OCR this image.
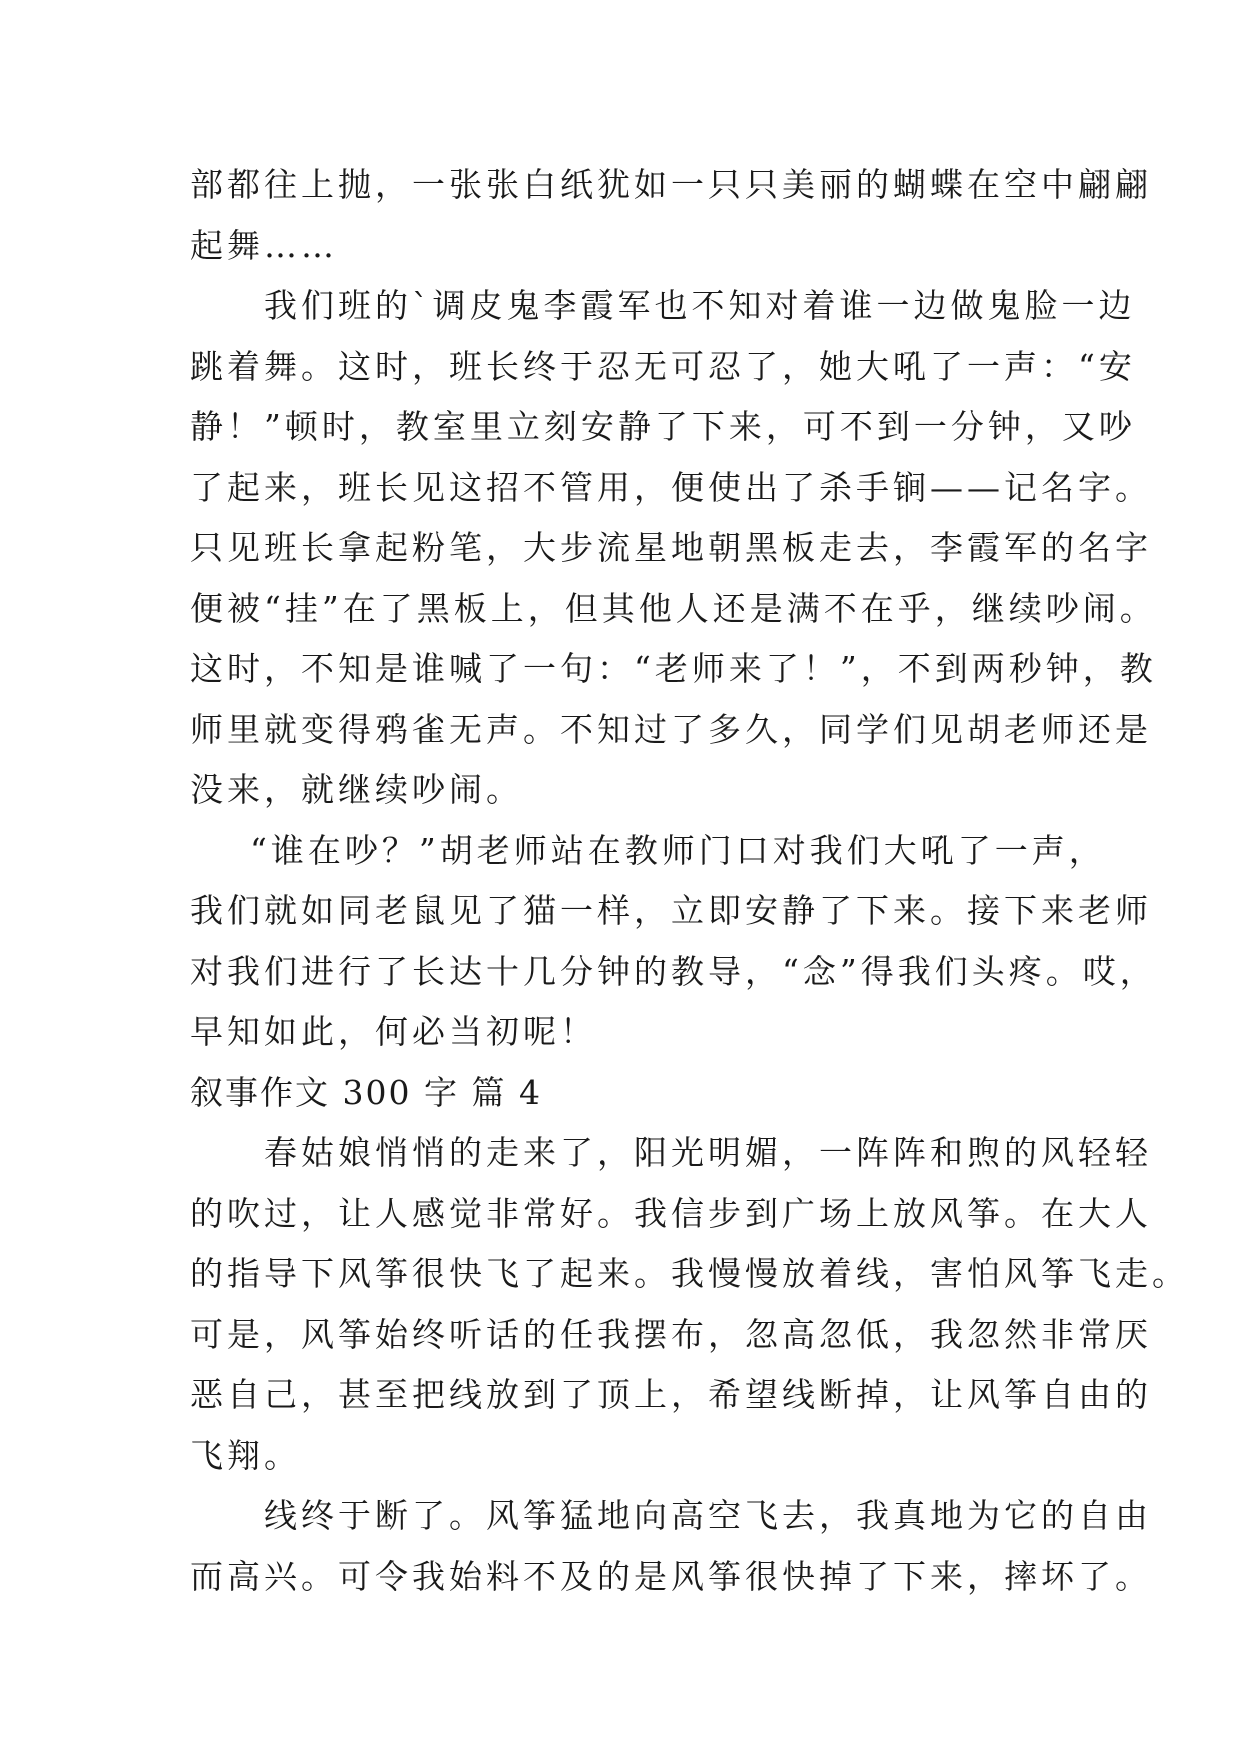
部都往上抛，一张张白纸犹如一只只美丽的蝴蝶在空中翩翩
起舞……
我们班的`调皮鬼李霞军也不知对着谁一边做鬼脸一边
跳着舞。这时，班长终于忍无可忍了，她大吼了一声：“安
静！”顿时，教室里立刻安静了下来，可不到一分钟，又吵
了起来，班长见这招不管用，便使出了杀手锏——记名字。
只见班长拿起粉笔，大步流星地朝黑板走去，李霞军的名字
便被“挂”在了黑板上，但其他人还是满不在乎，继续吵闹。
这时，不知是谁喊了一句：“老师来了！”，不到两秒钟，教
师里就变得鸦雀无声。不知过了多久，同学们见胡老师还是
没来，就继续吵闹。
“谁在吵？”胡老师站在教师门口对我们大吼了一声，
我们就如同老鼠见了猫一样，立即安静了下来。接下来老师
对我们进行了长达十几分钟的教导，“念”得我们头疼。哎，
早知如此，何必当初呢！
叙事作文 300 字 篇 4
春姑娘悄悄的走来了，阳光明媚，一阵阵和煦的风轻轻
的吹过，让人感觉非常好。我信步到广场上放风筝。在大人
的指导下风筝很快飞了起来。我慢慢放着线，害怕风筝飞走。
可是，风筝始终听话的任我摆布，忽高忽低，我忽然非常厌
恶自己，甚至把线放到了顶上，希望线断掉，让风筝自由的
飞翔。
线终于断了。风筝猛地向高空飞去，我真地为它的自由
而高兴。可令我始料不及的是风筝很快掉了下来，摔坏了。
